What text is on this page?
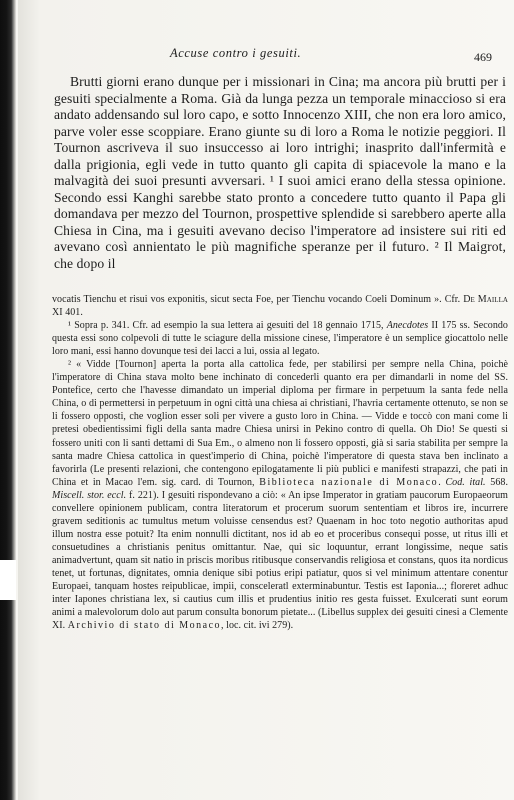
Accuse contro i gesuiti.	469

Brutti giorni erano dunque per i missionari in Cina; ma ancora più brutti per i gesuiti specialmente a Roma. Già da lunga pezza un temporale minaccioso si era andato addensando sul loro capo, e sotto Innocenzo XIII, che non era loro amico, parve voler esse scoppiare. Erano giunte su di loro a Roma le notizie peggiori. Il Tournon ascriveva il suo insuccesso ai loro intrighi; inasprito dall'infermità e dalla prigionia, egli vede in tutto quanto gli capita di spiacevole la mano e la malvagità dei suoi presunti avversari. ¹ I suoi amici erano della stessa opinione. Secondo essi Kanghi sarebbe stato pronto a concedere tutto quanto il Papa gli domandava per mezzo del Tournon, prospettive splendide si sarebbero aperte alla Chiesa in Cina, ma i gesuiti avevano deciso l'imperatore ad insistere sui riti ed avevano così annientato le più magnifiche speranze per il futuro. ² Il Maigrot, che dopo il

vocatis Tienchu et risui vos exponitis, sicut secta Foe, per Tienchu vocando Coeli Dominum ». Cfr. De Mailla XI 401.

¹ Sopra p. 341. Cfr. ad esempio la sua lettera ai gesuiti del 18 gennaio 1715, Anecdotes II 175 ss. Secondo questa essi sono colpevoli di tutte le sciagure della missione cinese, l'imperatore è un semplice giocattolo nelle loro mani, essi hanno dovunque tesi dei lacci a lui, ossia al legato.

² « Vidde [Tournon] aperta la porta alla cattolica fede, per stabilirsi per sempre nella China, poichè l'imperatore di China stava molto bene inchinato di concederli quanto era per dimandarli in nome del SS. Pontefice, certo che l'havesse dimandato un imperial diploma per firmare in perpetuum la santa fede nella China, o di permettersi in perpetuum in ogni città una chiesa ai christiani, l'havria certamente ottenuto, se non se li fossero opposti, che voglion esser soli per vivere a gusto loro in China. — Vidde e toccò con mani come li pretesi obedientissimi figli della santa madre Chiesa unirsi in Pekino contro di quella. Oh Dio! Se questi si fossero uniti con li santi dettami di Sua Em., o almeno non li fossero opposti, già si saria stabilita per sempre la santa madre Chiesa cattolica in quest'imperio di China, poichè l'imperatore di questa stava ben inclinato a favorirla (Le presenti relazioni, che contengono epilogatamente li più publici e manifesti strapazzi, che pati in China et in Macao l'em. sig. card. di Tournon, Biblioteca nazionale di Monaco. Cod. ital. 568. Miscell. stor. eccl. f. 221). I gesuiti rispondevano a ciò: « An ipse Imperator in gratiam paucorum Europaeorum convellere opinionem publicam, contra literatorum et procerum suorum sententiam et libros ire, incurrere gravem seditionis ac tumultus metum voluisse censendus est? Quaenam in hoc toto negotio authoritas apud illum nostra esse potuit? Ita enim nonnulli dictitant, nos id ab eo et proceribus consequi posse, ut ritus illi et consuetudines a christianis penitus omittantur. Nae, qui sic loquuntur, errant longissime, neque satis animadvertunt, quam sit natio in priscis moribus ritibusque conservandis religiosa et constans, quos ita nordicus tenet, ut fortunas, dignitates, omnia denique sibi potius eripi patiatur, quos si vel minimum attentare conentur Europaei, tanquam hostes reipublicae, impii, consceleratl exterminabuntur. Testis est Iaponia...; floreret adhuc inter Iapones christiana lex, si cautius cum illis et prudentius initio res gesta fuisset. Exulcerati sunt eorum animi a malevolorum dolo aut parum consulta bonorum pietate... (Libellus supplex dei gesuiti cinesi a Clemente XI. Archivio di stato di Monaco, loc. cit. ivi 279).
